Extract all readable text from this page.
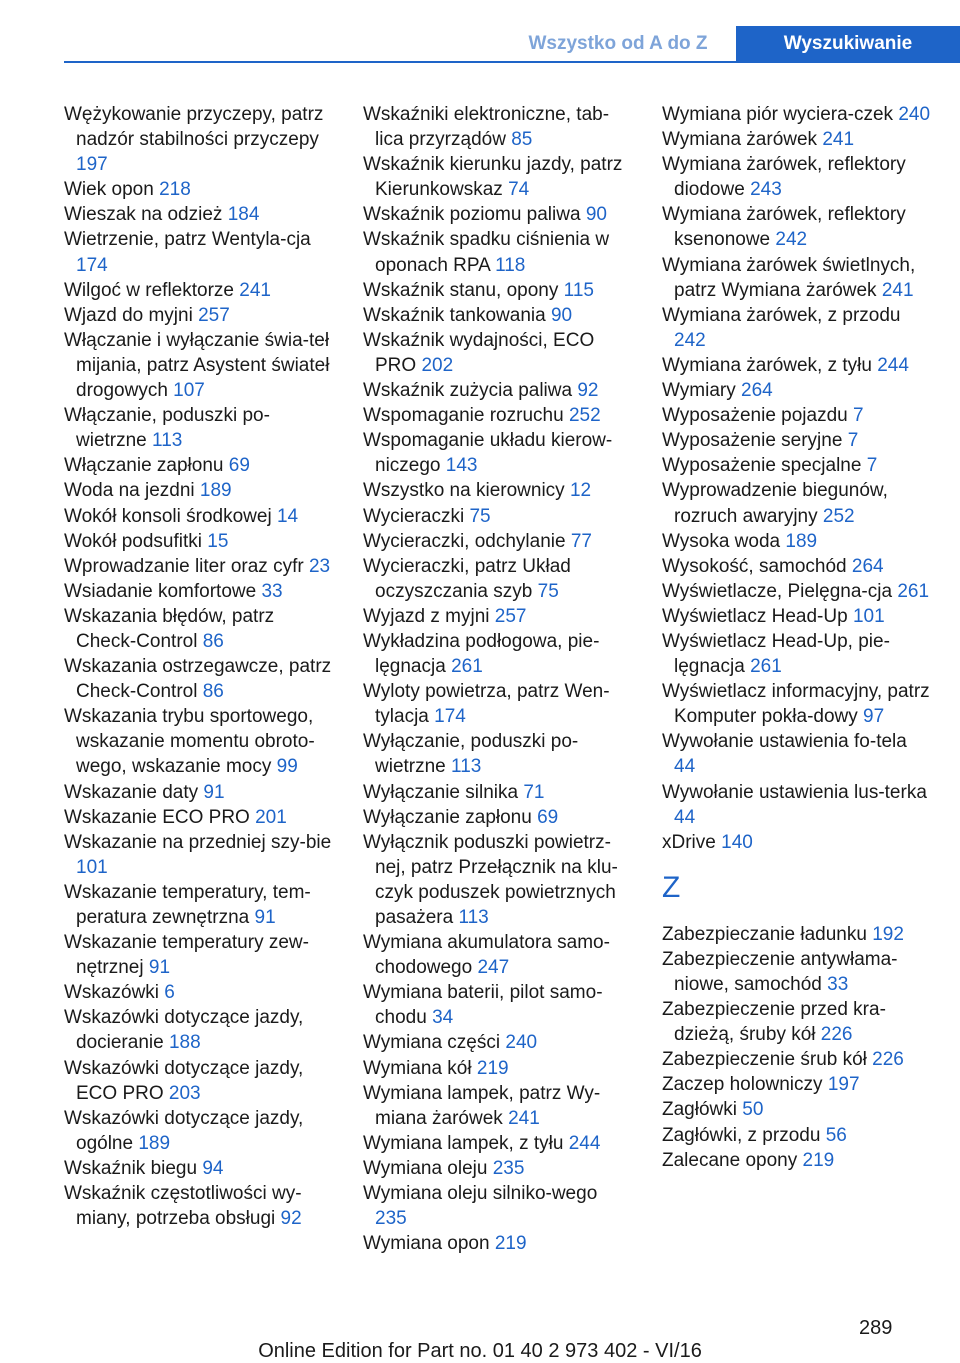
Wszystko od A do Z	Wyszukiwanie
Wężykowanie przyczepy, patrz nadzór stabilności przyczepy 197
Wiek opon 218
Wieszak na odzież 184
Wietrzenie, patrz Wentyla-cja 174
Wilgoć w reflektorze 241
Wjazd do myjni 257
Włączanie i wyłączanie świa-teł mijania, patrz Asystent świateł drogowych 107
Włączanie, poduszki po-wietrzne 113
Włączanie zapłonu 69
Woda na jezdni 189
Wokół konsoli środkowej 14
Wokół podsufitki 15
Wprowadzanie liter oraz cyfr 23
Wsiadanie komfortowe 33
Wskazania błędów, patrz Check-Control 86
Wskazania ostrzegawcze, patrz Check-Control 86
Wskazania trybu sportowego, wskazanie momentu obroto-wego, wskazanie mocy 99
Wskazanie daty 91
Wskazanie ECO PRO 201
Wskazanie na przedniej szy-bie 101
Wskazanie temperatury, tem-peratura zewnętrzna 91
Wskazanie temperatury zew-nętrznej 91
Wskazówki 6
Wskazówki dotyczące jazdy, docieranie 188
Wskazówki dotyczące jazdy, ECO PRO 203
Wskazówki dotyczące jazdy, ogólne 189
Wskaźnik biegu 94
Wskaźnik częstotliwości wy-miany, potrzeba obsługi 92
Wskaźniki elektroniczne, tab-lica przyrządów 85
Wskaźnik kierunku jazdy, patrz Kierunkowskaz 74
Wskaźnik poziomu paliwa 90
Wskaźnik spadku ciśnienia w oponach RPA 118
Wskaźnik stanu, opony 115
Wskaźnik tankowania 90
Wskaźnik wydajności, ECO PRO 202
Wskaźnik zużycia paliwa 92
Wspomaganie rozruchu 252
Wspomaganie układu kierow-niczego 143
Wszystko na kierownicy 12
Wycieraczki 75
Wycieraczki, odchylanie 77
Wycieraczki, patrz Układ oczyszczania szyb 75
Wyjazd z myjni 257
Wykładzina podłogowa, pie-lęgnacja 261
Wyloty powietrza, patrz Wen-tylacja 174
Wyłączanie, poduszki po-wietrzne 113
Wyłączanie silnika 71
Wyłączanie zapłonu 69
Wyłącznik poduszki powietrz-nej, patrz Przełącznik na klu-czyk poduszek powietrznych pasażera 113
Wymiana akumulatora samo-chodowego 247
Wymiana baterii, pilot samo-chodu 34
Wymiana części 240
Wymiana kół 219
Wymiana lampek, patrz Wy-miana żarówek 241
Wymiana lampek, z tyłu 244
Wymiana oleju 235
Wymiana oleju silniko-wego 235
Wymiana opon 219
Wymiana piór wyciera-czek 240
Wymiana żarówek 241
Wymiana żarówek, reflektory diodowe 243
Wymiana żarówek, reflektory ksenonowe 242
Wymiana żarówek świetlnych, patrz Wymiana żarówek 241
Wymiana żarówek, z przodu 242
Wymiana żarówek, z tyłu 244
Wymiary 264
Wyposażenie pojazdu 7
Wyposażenie seryjne 7
Wyposażenie specjalne 7
Wyprowadzenie biegunów, rozruch awaryjny 252
Wysoka woda 189
Wysokość, samochód 264
Wyświetlacze, Pielęgna-cja 261
Wyświetlacz Head-Up 101
Wyświetlacz Head-Up, pie-lęgnacja 261
Wyświetlacz informacyjny, patrz Komputer pokła-dowy 97
Wywołanie ustawienia fo-tela 44
Wywołanie ustawienia lus-terka 44
xDrive 140
Z
Zabezpieczanie ładunku 192
Zabezpieczenie antywłama-niowe, samochód 33
Zabezpieczenie przed kra-dzieżą, śruby kół 226
Zabezpieczenie śrub kół 226
Zaczep holowniczy 197
Zagłówki 50
Zagłówki, z przodu 56
Zalecane opony 219
289
Online Edition for Part no. 01 40 2 973 402 - VI/16
